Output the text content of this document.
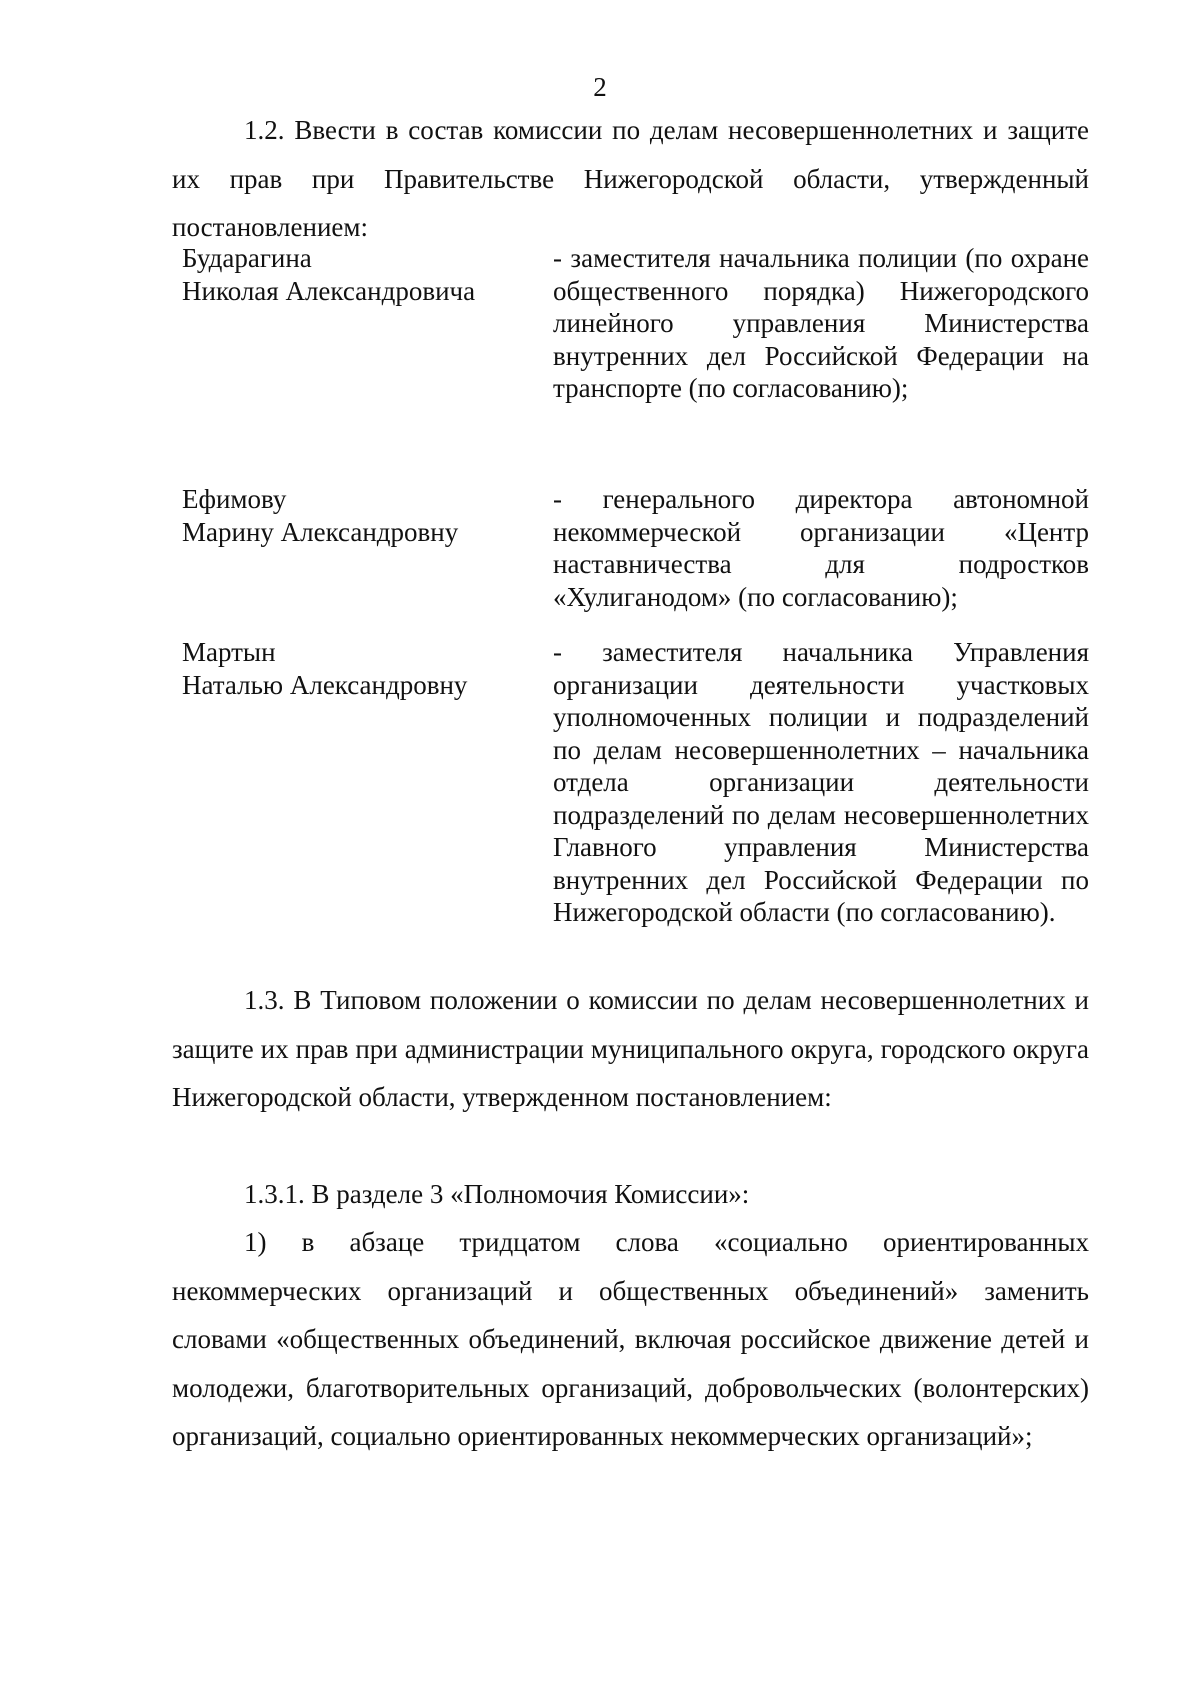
2

1.2. Ввести в состав комиссии по делам несовершеннолетних и защите их прав при Правительстве Нижегородской области, утвержденный постановлением:

Бударагина
Николая Александровича
- заместителя начальника полиции (по охране общественного порядка) Нижегородского линейного управления Министерства внутренних дел Российской Федерации на транспорте (по согласованию);
Ефимову
Марину Александровну
- генерального директора автономной некоммерческой организации «Центр наставничества для подростков «Хулиганодом» (по согласованию);
Мартын
Наталью Александровну
- заместителя начальника Управления организации деятельности участковых уполномоченных полиции и подразделений по делам несовершеннолетних – начальника отдела организации деятельности подразделений по делам несовершеннолетних Главного управления Министерства внутренних дел Российской Федерации по Нижегородской области (по согласованию).

1.3. В Типовом положении о комиссии по делам несовершеннолетних и защите их прав при администрации муниципального округа, городского округа Нижегородской области, утвержденном постановлением:

1.3.1. В разделе 3 «Полномочия Комиссии»:

1) в абзаце тридцатом слова «социально ориентированных некоммерческих организаций и общественных объединений» заменить словами «общественных объединений, включая российское движение детей и молодежи, благотворительных организаций, добровольческих (волонтерских) организаций, социально ориентированных некоммерческих организаций»;
